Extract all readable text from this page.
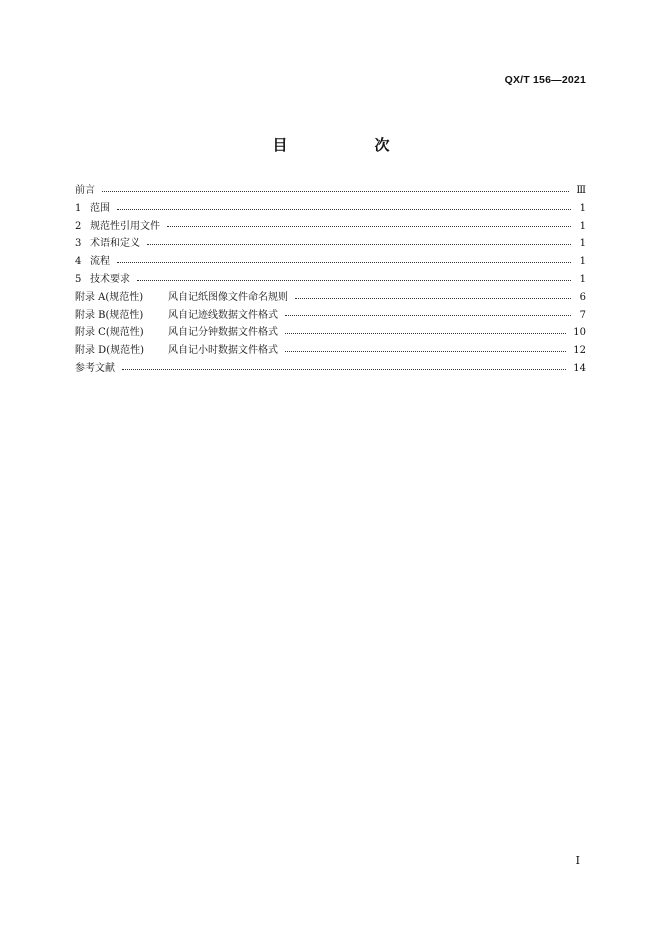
QX/T 156—2021
目　次
前言	Ⅲ
1 范围	1
2 规范性引用文件	1
3 术语和定义	1
4 流程	1
5 技术要求	1
附录 A(规范性) 风自记纸图像文件命名规则	6
附录 B(规范性) 风自记迹线数据文件格式	7
附录 C(规范性) 风自记分钟数据文件格式	10
附录 D(规范性) 风自记小时数据文件格式	12
参考文献	14
Ⅰ
